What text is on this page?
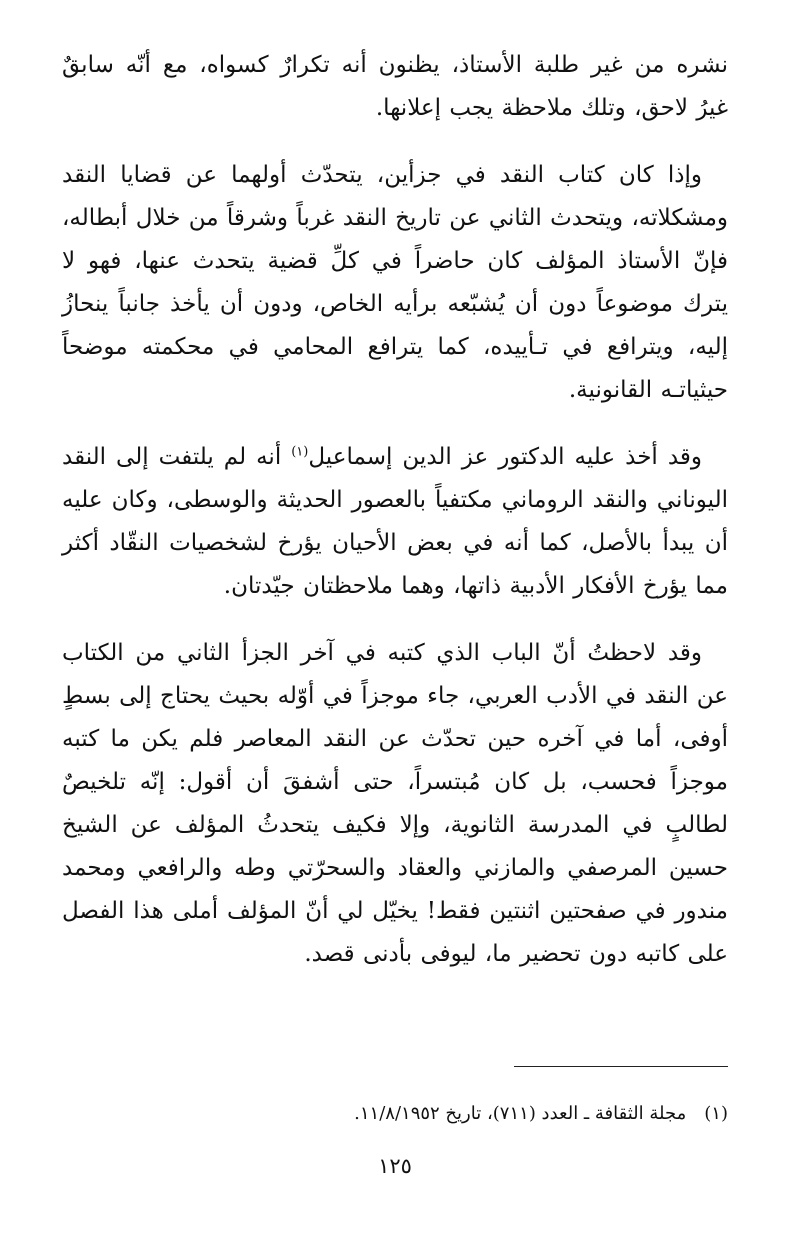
نشره من غير طلبة الأستاذ، يظنون أنه تكرارٌ كسواه، مع أنّه سابقٌ غيرُ لاحق، وتلك ملاحظة يجب إعلانها.

وإذا كان كتاب النقد في جزأين، يتحدّث أولهما عن قضايا النقد ومشكلاته، ويتحدث الثاني عن تاريخ النقد غرباً وشرقاً من خلال أبطاله، فإنّ الأستاذ المؤلف كان حاضراً في كلِّ قضية يتحدث عنها، فهو لا يترك موضوعاً دون أن يُشبّعه برأيه الخاص، ودون أن يأخذ جانباً ينحازُ إليه، ويترافع في تـأييده، كما يترافع المحامي في محكمته موضحاً حيثياتـه القانونية.

وقد أخذ عليه الدكتور عز الدين إسماعيل$^{(١)}$ أنه لم يلتفت إلى النقد اليوناني والنقد الروماني مكتفياً بالعصور الحديثة والوسطى، وكان عليه أن يبدأ بالأصل، كما أنه في بعض الأحيان يؤرخ لشخصيات النقّاد أكثر مما يؤرخ الأفكار الأدبية ذاتها، وهما ملاحظتان جيّدتان.

وقد لاحظتُ أنّ الباب الذي كتبه في آخر الجزأ الثاني من الكتاب عن النقد في الأدب العربي، جاء موجزاً في أوّله بحيث يحتاج إلى بسطٍ أوفى، أما في آخره حين تحدّث عن النقد المعاصر فلم يكن ما كتبه موجزاً فحسب، بل كان مُبتسراً، حتى أشفقَ أن أقول: إنّه تلخيصٌ لطالبٍ في المدرسة الثانوية، وإلا فكيف يتحدثُ المؤلف عن الشيخ حسين المرصفي والمازني والعقاد والسحرّتي وطه والرافعي ومحمد مندور في صفحتين اثنتين فقط! يخيّل لي أنّ المؤلف أملى هذا الفصل على كاتبه دون تحضير ما، ليوفى بأدنى قصد.

(١)مجلة الثقافة ـ العدد (٧١١)، تاريخ ١١/٨/١٩٥٢.
١٢٥
